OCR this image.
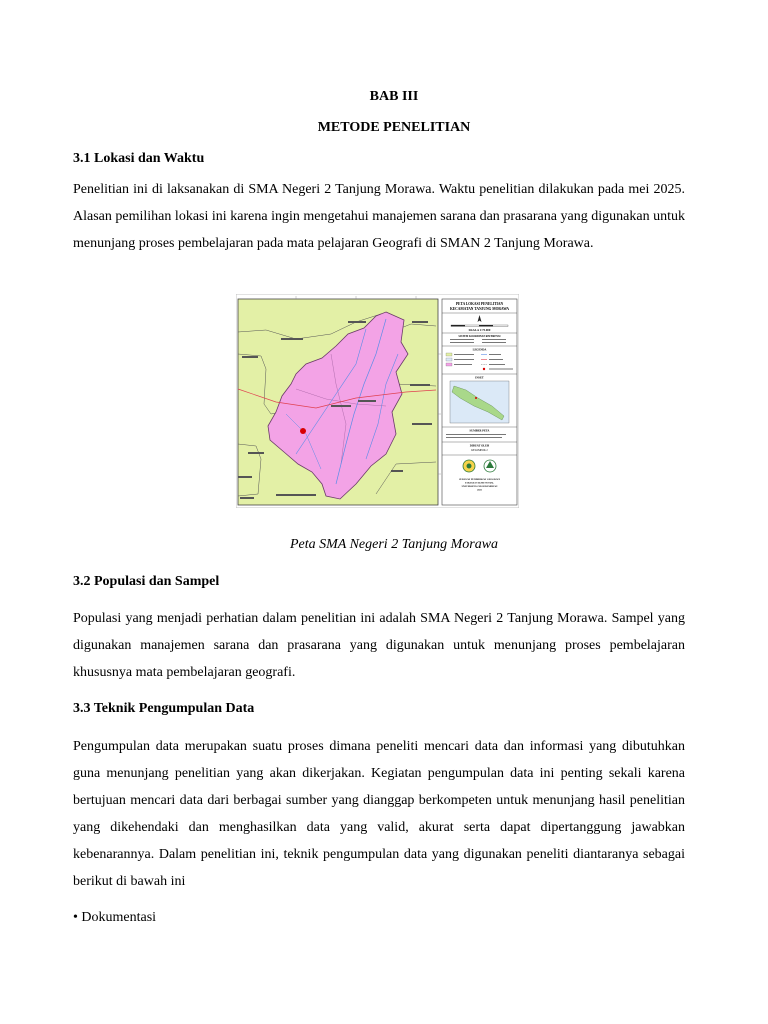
BAB III

METODE PENELITIAN

3.1 Lokasi dan Waktu

Penelitian ini di laksanakan di SMA Negeri 2 Tanjung Morawa. Waktu penelitian dilakukan pada mei 2025. Alasan pemilihan lokasi ini karena ingin mengetahui manajemen sarana dan prasarana yang digunakan untuk menunjang proses pembelajaran pada mata pelajaran Geografi di SMAN 2 Tanjung Morawa.

PETA LOKASI PENELITIAN
KECAMATAN TANJUNG MORAWA
SKALA 1:75.000
SISTEM KOORDINAT REFERENSI
LEGENDA
INSET
SUMBER PETA
DIBUAT OLEH
KELOMPOK 2
JURUSAN PENDIDIKAN GEOGRAFI
FAKULTAS ILMU SOSIAL
UNIVERSITAS NEGERI MEDAN
2025

Peta SMA Negeri 2 Tanjung Morawa

3.2 Populasi dan Sampel

Populasi yang menjadi perhatian dalam penelitian ini adalah SMA Negeri 2 Tanjung Morawa. Sampel yang digunakan manajemen sarana dan prasarana yang digunakan untuk menunjang proses pembelajaran khususnya mata pembelajaran geografi.

3.3 Teknik Pengumpulan Data

Pengumpulan data merupakan suatu proses dimana peneliti mencari data dan informasi yang dibutuhkan guna menunjang penelitian yang akan dikerjakan. Kegiatan pengumpulan data ini penting sekali karena bertujuan mencari data dari berbagai sumber yang dianggap berkompeten untuk menunjang hasil penelitian yang dikehendaki dan menghasilkan data yang valid, akurat serta dapat dipertanggung jawabkan kebenarannya. Dalam penelitian ini, teknik pengumpulan data yang digunakan peneliti diantaranya sebagai berikut di bawah ini

• Dokumentasi
